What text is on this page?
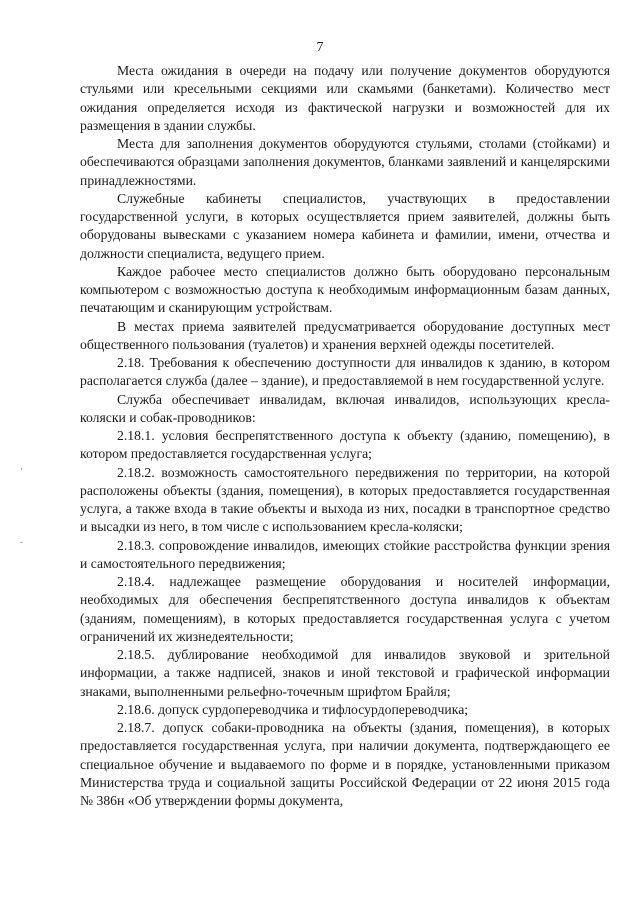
7
,
-

Места ожидания в очереди на подачу или получение документов оборудуются стульями или кресельными секциями или скамьями (банкетами). Количество мест ожидания определяется исходя из фактической нагрузки и возможностей для их размещения в здании службы.

Места для заполнения документов оборудуются стульями, столами (стойками) и обеспечиваются образцами заполнения документов, бланками заявлений и канцелярскими принадлежностями.

Служебные кабинеты специалистов, участвующих в предоставлении государственной услуги, в которых осуществляется прием заявителей, должны быть оборудованы вывесками с указанием номера кабинета и фамилии, имени, отчества и должности специалиста, ведущего прием.

Каждое рабочее место специалистов должно быть оборудовано персональным компьютером с возможностью доступа к необходимым информационным базам данных, печатающим и сканирующим устройствам.

В местах приема заявителей предусматривается оборудование доступных мест общественного пользования (туалетов) и хранения верхней одежды посетителей.

2.18. Требования к обеспечению доступности для инвалидов к зданию, в котором располагается служба (далее – здание), и предоставляемой в нем государственной услуге.

Служба обеспечивает инвалидам, включая инвалидов, использующих кресла-коляски и собак-проводников:

2.18.1. условия беспрепятственного доступа к объекту (зданию, помещению), в котором предоставляется государственная услуга;

2.18.2. возможность самостоятельного передвижения по территории, на которой расположены объекты (здания, помещения), в которых предоставляется государственная услуга, а также входа в такие объекты и выхода из них, посадки в транспортное средство и высадки из него, в том числе с использованием кресла-коляски;

2.18.3. сопровождение инвалидов, имеющих стойкие расстройства функции зрения и самостоятельного передвижения;

2.18.4. надлежащее размещение оборудования и носителей информации, необходимых для обеспечения беспрепятственного доступа инвалидов к объектам (зданиям, помещениям), в которых предоставляется государственная услуга с учетом ограничений их жизнедеятельности;

2.18.5. дублирование необходимой для инвалидов звуковой и зрительной информации, а также надписей, знаков и иной текстовой и графической информации знаками, выполненными рельефно-точечным шрифтом Брайля;

2.18.6. допуск сурдопереводчика и тифлосурдопереводчика;

2.18.7. допуск собаки-проводника на объекты (здания, помещения), в которых предоставляется государственная услуга, при наличии документа, подтверждающего ее специальное обучение и выдаваемого по форме и в порядке, установленными приказом Министерства труда и социальной защиты Российской Федерации от 22 июня 2015 года № 386н «Об утверждении формы документа,
